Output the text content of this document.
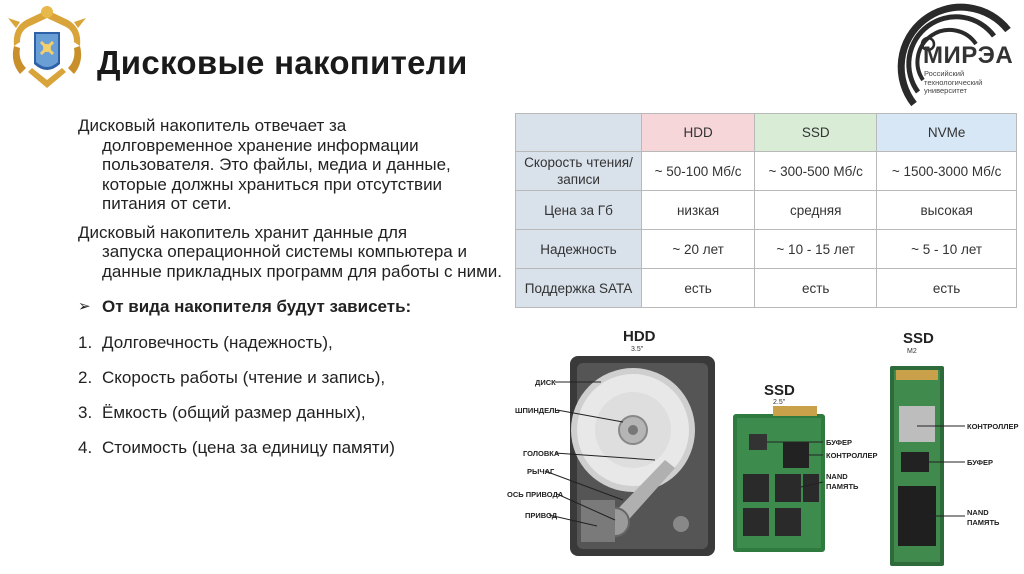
Дисковые накопители	МИРЭА
Российский
технологический
университет
Дисковый накопитель отвечает за
долговременное хранение информации пользователя. Это файлы, медиа и данные, которые должны храниться при отсутствии питания от сети.
Дисковый накопитель хранит данные для
запуска операционной системы компьютера и данные прикладных программ для работы с ними.
➢ От вида накопителя будут зависеть:
1. Долговечность (надежность),
2. Скорость работы (чтение и запись),
3. Ёмкость (общий размер данных),
4. Стоимость (цена за единицу памяти)
	HDD	SSD	NVMe
Скорость чтения/записи	~ 50-100 Мб/с	~ 300-500 Мб/с	~ 1500-3000 Мб/с
Цена за Гб	низкая	средняя	высокая
Надежность	~ 20 лет	~ 10 - 15 лет	~ 5 - 10 лет
Поддержка SATA	есть	есть	есть
HDD
3.5"
ДИСК
ШПИНДЕЛЬ
ГОЛОВКА
РЫЧАГ
ОСЬ ПРИВОДА
ПРИВОД
SSD
2.5"
БУФЕР
КОНТРОЛЛЕР
NAND
ПАМЯТЬ
SSD
M2
КОНТРОЛЛЕР
БУФЕР
NAND
ПАМЯТЬ
